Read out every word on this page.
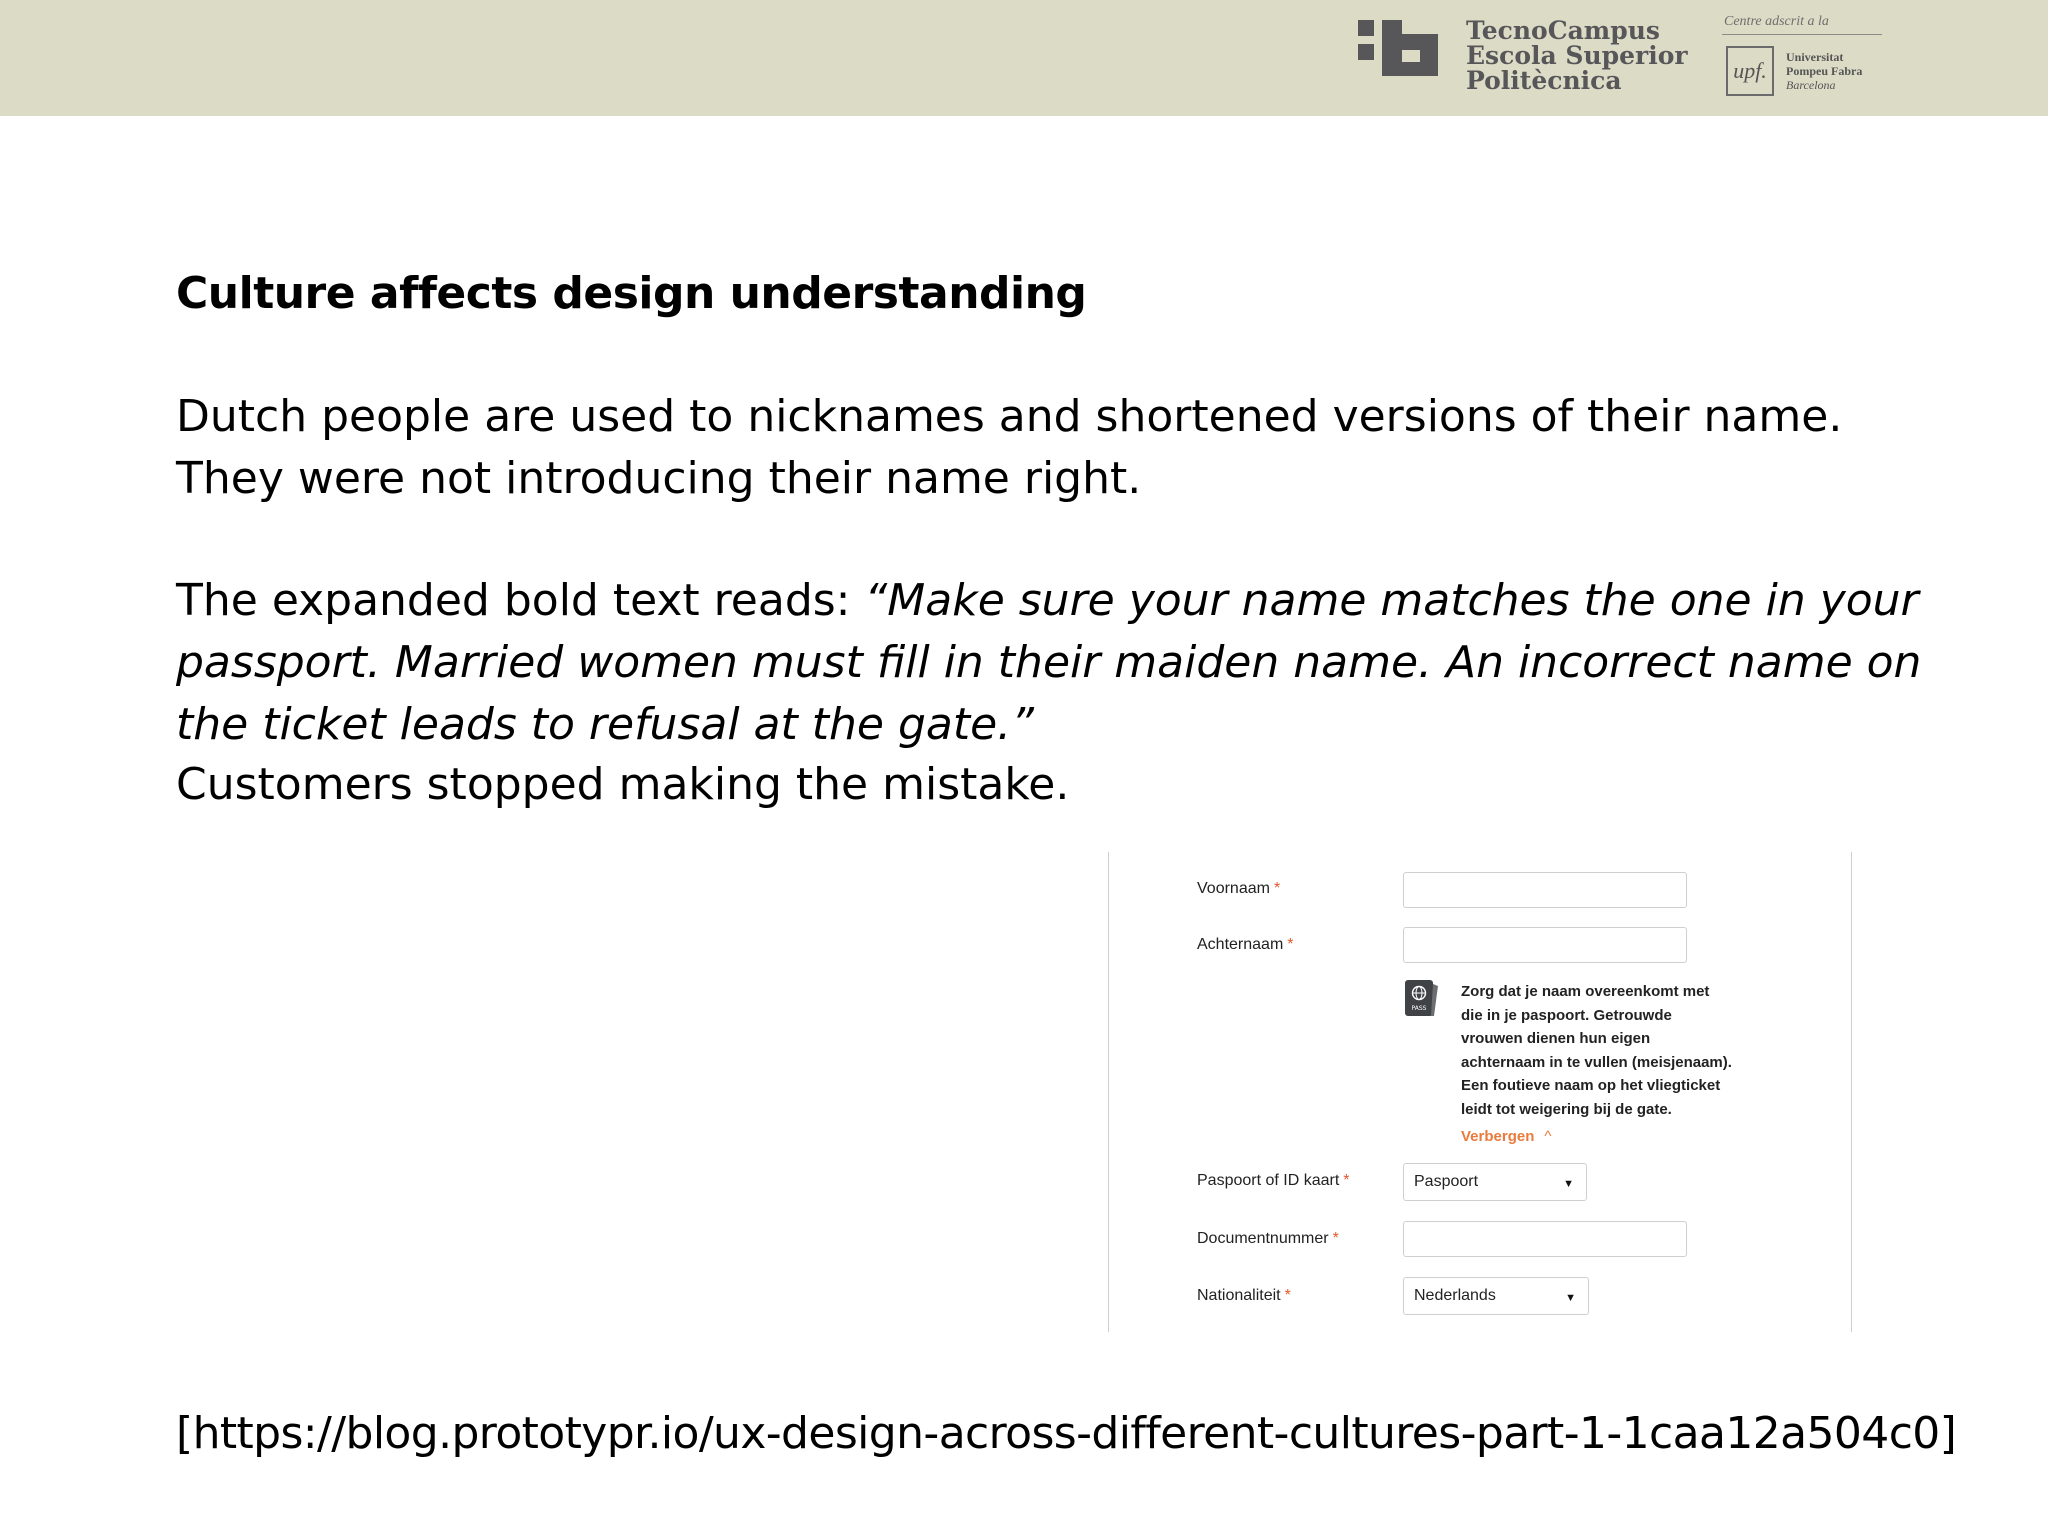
TecnoCampus
Escola Superior
Politècnica
Centre adscrit a la
upf.
Universitat
Pompeu Fabra
Barcelona
Culture affects design understanding
Dutch people are used to nicknames and shortened versions of their name.
They were not introducing their name right.
The expanded bold text reads: “Make sure your name matches the one in your
passport. Married women must fill in their maiden name. An incorrect name on
the ticket leads to refusal at the gate.”
Customers stopped making the mistake.
Voornaam *
Achternaam *
PASS
Zorg dat je naam overeenkomt met
die in je paspoort. Getrouwde
vrouwen dienen hun eigen
achternaam in te vullen (meisjenaam).
Een foutieve naam op het vliegticket
leidt tot weigering bij de gate.
Verbergen ^
Paspoort of ID kaart *	Paspoort	▼
Documentnummer *
Nationaliteit *	Nederlands	▼
[https://blog.prototypr.io/ux-design-across-different-cultures-part-1-1caa12a504c0]
